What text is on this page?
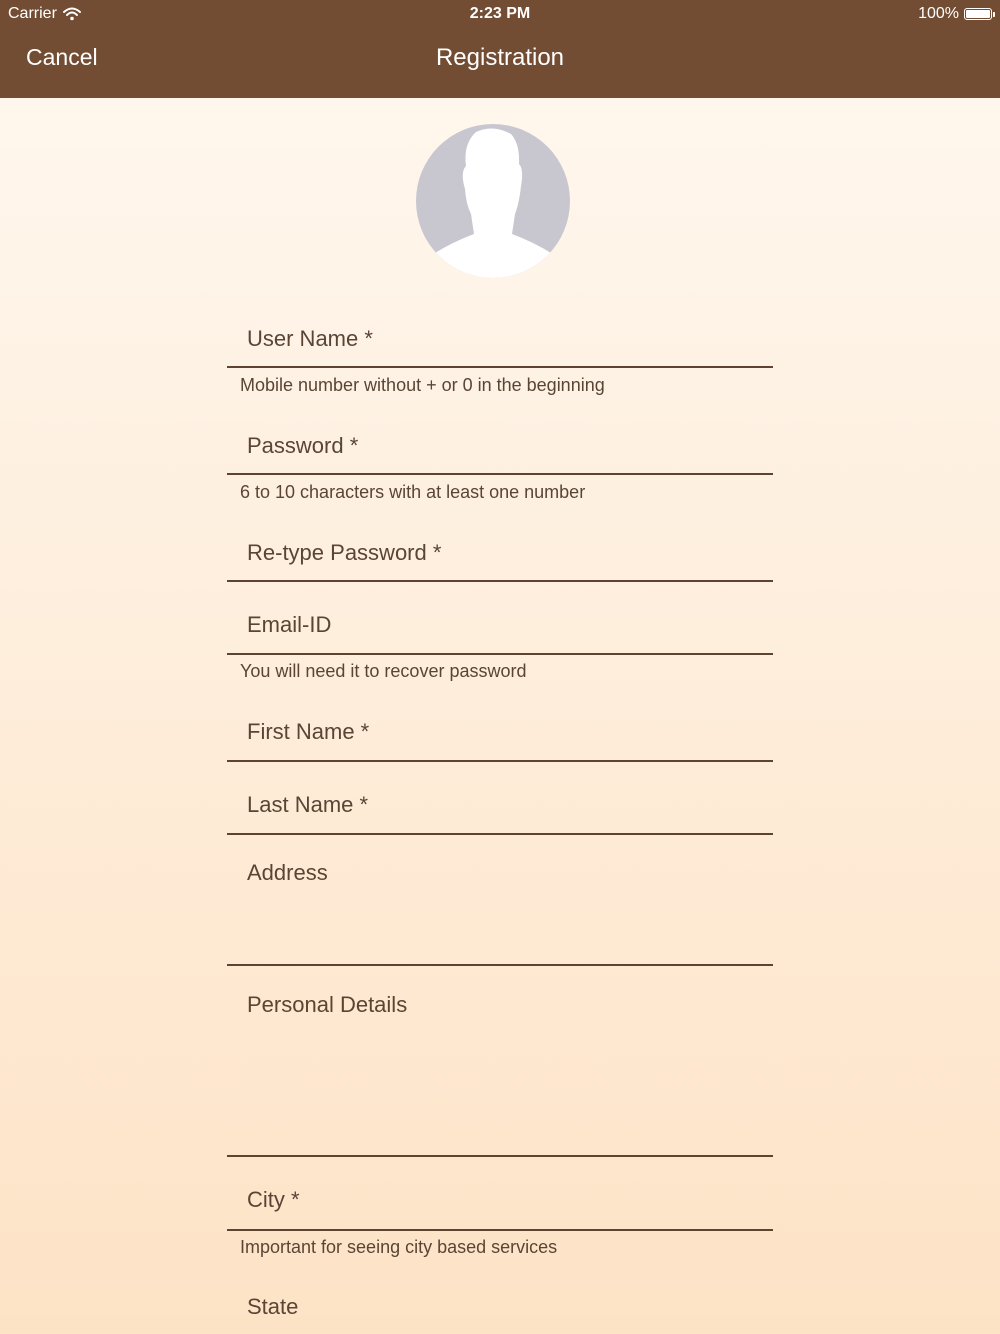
Carrier	2:23 PM	100%
Cancel	Registration
User Name *
Mobile number without + or 0 in the beginning
Password *
6 to 10 characters with at least one number
Re-type Password *
Email-ID
You will need it to recover password
First Name *
Last Name *
Address
Personal Details
City *
Important for seeing city based services
State
